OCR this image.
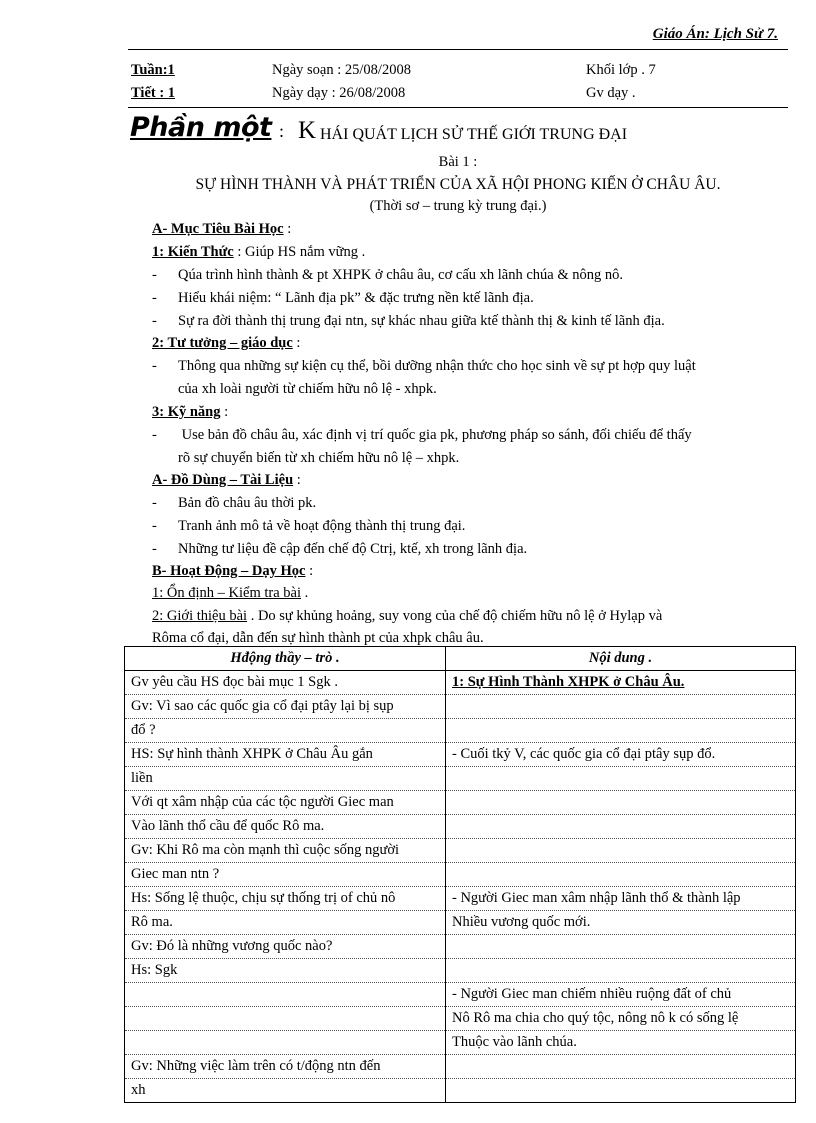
Giáo Án: Lịch Sử 7.
Tuần:1	Ngày soạn : 25/08/2008	Khối lớp . 7
Tiết : 1	Ngày dạy : 26/08/2008	Gv dạy .
Phần một : K HÁI QUÁT LỊCH SỬ THẾ GIỚI TRUNG ĐẠI
Bài 1 :
SỰ HÌNH THÀNH VÀ PHÁT TRIỂN CỦA XÃ HỘI PHONG KIẾN Ở CHÂU ÂU.
(Thời sơ – trung kỳ trung đại.)
A- Mục Tiêu Bài Học :
1: Kiến Thức : Giúp HS nắm vững .
- Qúa trình hình thành & pt XHPK ở châu âu, cơ cấu xh lãnh chúa & nông nô.
- Hiểu khái niệm: “ Lãnh địa pk” & đặc trưng nền ktế lãnh địa.
- Sự ra đời thành thị trung đại ntn, sự khác nhau giữa ktế thành thị & kinh tế lãnh địa.
2: Tư tưởng – giáo dục :
- Thông qua những sự kiện cụ thể, bồi dưỡng nhận thức cho học sinh về sự pt hợp quy luật
của xh loài người từ chiếm hữu nô lệ - xhpk.
3: Kỹ năng :
- Use bản đồ châu âu, xác định vị trí quốc gia pk, phương pháp so sánh, đối chiếu để thấy
rõ sự chuyển biến từ xh chiếm hữu nô lệ – xhpk.
A- Đồ Dùng – Tài Liệu :
- Bản đồ châu âu thời pk.
- Tranh ảnh mô tả về hoạt động thành thị trung đại.
- Những tư liệu đề cập đến chế độ Ctrị, ktế, xh trong lãnh địa.
B- Hoạt Động – Dạy Học :
1: Ổn định – Kiểm tra bài .
2: Giới thiệu bài . Do sự khủng hoảng, suy vong của chế độ chiếm hữu nô lệ ở Hylạp và
Rôma cổ đại, dẫn đến sự hình thành pt của xhpk châu âu.
Hđộng thầy – trò .	Nội dung .
Gv yêu cầu HS đọc bài mục 1 Sgk .	1: Sự Hình Thành XHPK ở Châu Âu.
Gv: Vì sao các quốc gia cổ đại ptây lại bị sụp	
đổ ?	
HS: Sự hình thành XHPK ở Châu Âu gắn	- Cuối tkỷ V, các quốc gia cổ đại ptây sụp đổ.
liền	
Với qt xâm nhập của các tộc người Giec man	
Vào lãnh thổ cầu để quốc Rô ma.	
Gv: Khi Rô ma còn mạnh thì cuộc sống người	
Giec man ntn ?	
Hs: Sống lệ thuộc, chịu sự thống trị of chủ nô	- Người Giec man xâm nhập lãnh thổ & thành lập
Rô ma.	Nhiều vương quốc mới.
Gv: Đó là những vương quốc nào?	
Hs: Sgk	
	- Người Giec man chiếm nhiều ruộng đất of chủ
	Nô Rô ma chia cho quý tộc, nông nô k có sống lệ
	Thuộc vào lãnh chúa.
Gv: Những việc làm trên có t/động ntn đến	
xh	
